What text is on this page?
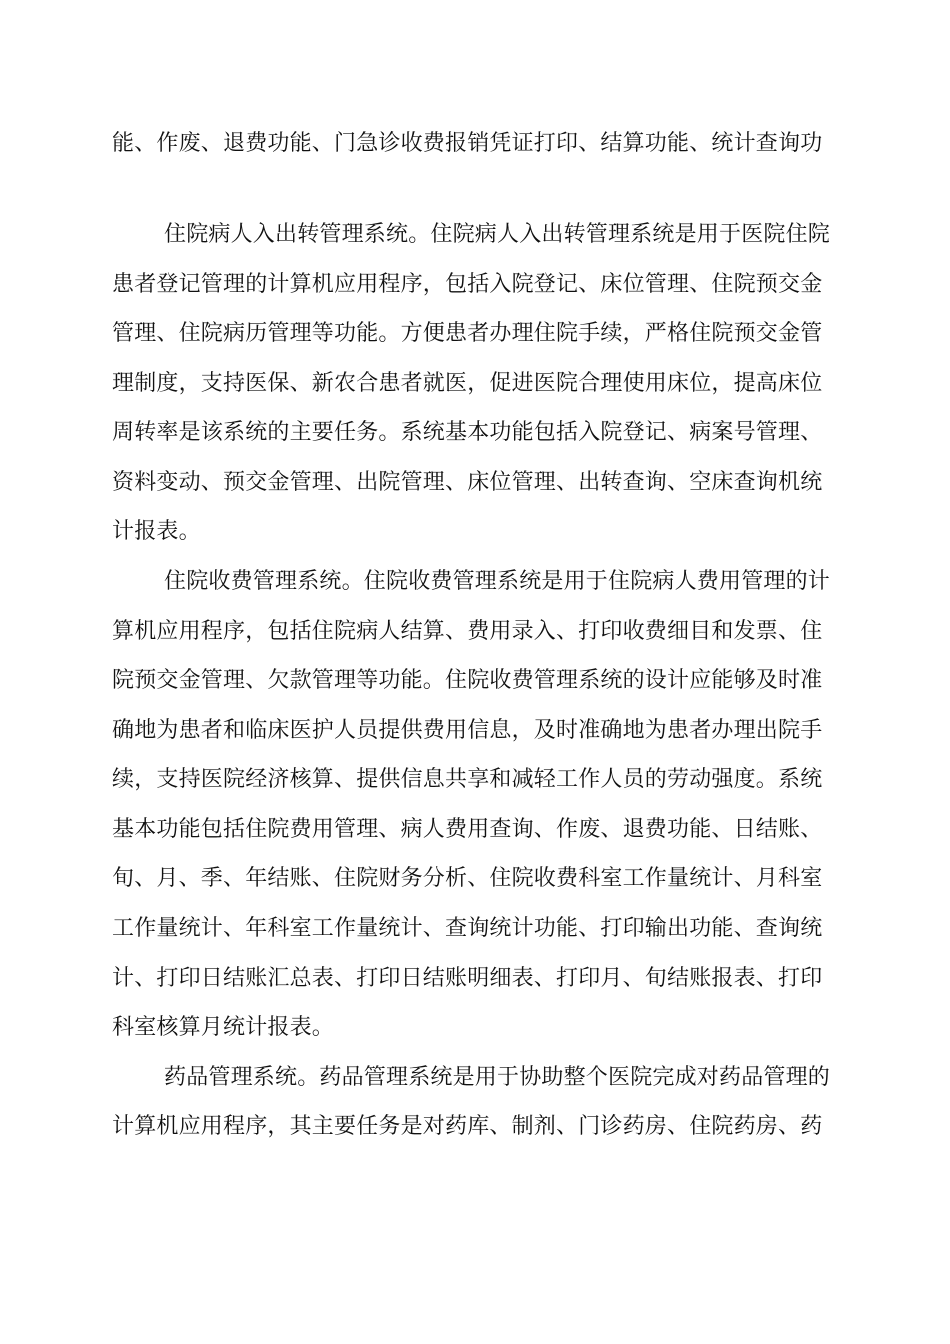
能、作废、退费功能、门急诊收费报销凭证打印、结算功能、统计查询功
住院病人入出转管理系统。住院病人入出转管理系统是用于医院住院
患者登记管理的计算机应用程序，包括入院登记、床位管理、住院预交金
管理、住院病历管理等功能。方便患者办理住院手续，严格住院预交金管
理制度，支持医保、新农合患者就医，促进医院合理使用床位，提高床位
周转率是该系统的主要任务。系统基本功能包括入院登记、病案号管理、
资料变动、预交金管理、出院管理、床位管理、出转查询、空床查询机统
计报表。
住院收费管理系统。住院收费管理系统是用于住院病人费用管理的计
算机应用程序，包括住院病人结算、费用录入、打印收费细目和发票、住
院预交金管理、欠款管理等功能。住院收费管理系统的设计应能够及时准
确地为患者和临床医护人员提供费用信息，及时准确地为患者办理出院手
续，支持医院经济核算、提供信息共享和减轻工作人员的劳动强度。系统
基本功能包括住院费用管理、病人费用查询、作废、退费功能、日结账、
旬、月、季、年结账、住院财务分析、住院收费科室工作量统计、月科室
工作量统计、年科室工作量统计、查询统计功能、打印输出功能、查询统
计、打印日结账汇总表、打印日结账明细表、打印月、旬结账报表、打印
科室核算月统计报表。
药品管理系统。药品管理系统是用于协助整个医院完成对药品管理的
计算机应用程序，其主要任务是对药库、制剂、门诊药房、住院药房、药
